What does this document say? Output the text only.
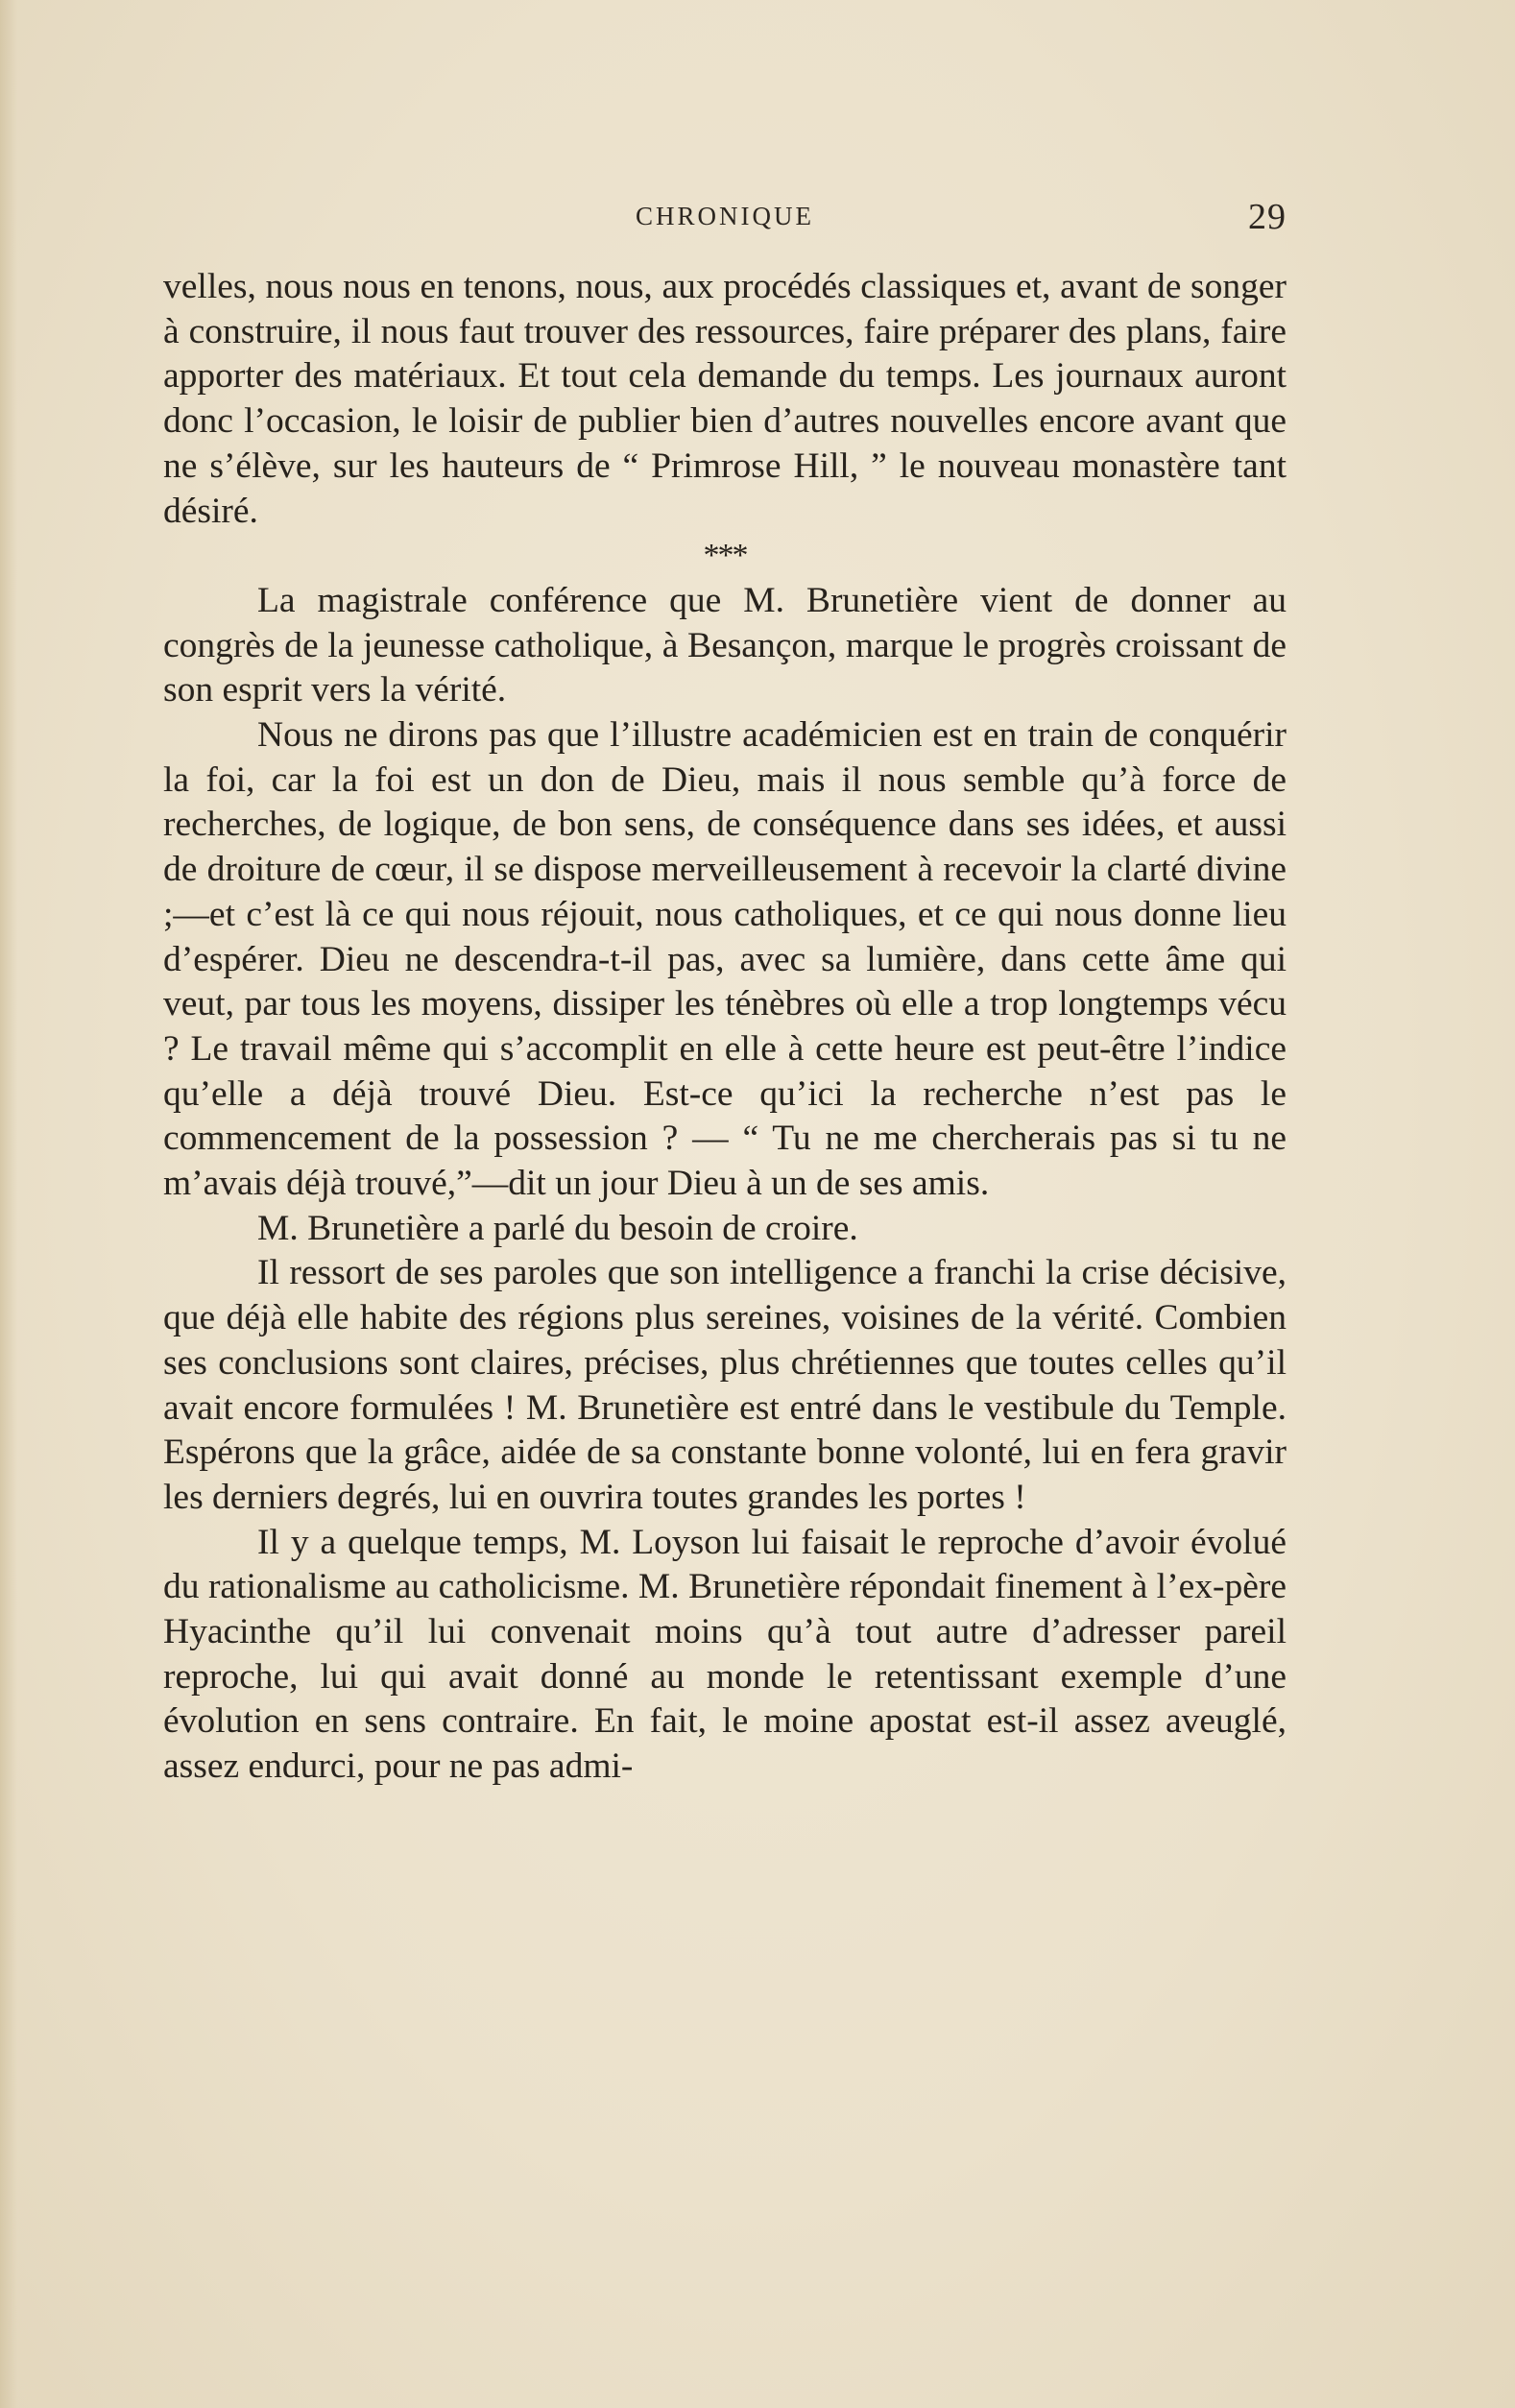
CHRONIQUE	29

velles, nous nous en tenons, nous, aux procédés classiques et, avant de songer à construire, il nous faut trouver des ressources, faire préparer des plans, faire apporter des matériaux. Et tout cela demande du temps. Les journaux auront donc l’occasion, le loisir de publier bien d’autres nouvelles encore avant que ne s’élève, sur les hauteurs de “ Primrose Hill, ” le nouveau monastère tant désiré.

***

La magistrale conférence que M. Brunetière vient de donner au congrès de la jeunesse catholique, à Besançon, marque le progrès croissant de son esprit vers la vérité.

Nous ne dirons pas que l’illustre académicien est en train de conquérir la foi, car la foi est un don de Dieu, mais il nous semble qu’à force de recherches, de logique, de bon sens, de conséquence dans ses idées, et aussi de droiture de cœur, il se dispose merveilleusement à recevoir la clarté divine ;—et c’est là ce qui nous réjouit, nous catholiques, et ce qui nous donne lieu d’espérer. Dieu ne descendra-t-il pas, avec sa lumière, dans cette âme qui veut, par tous les moyens, dissiper les ténèbres où elle a trop longtemps vécu ? Le travail même qui s’accomplit en elle à cette heure est peut-être l’indice qu’elle a déjà trouvé Dieu. Est-ce qu’ici la recherche n’est pas le commencement de la possession ? — “ Tu ne me chercherais pas si tu ne m’avais déjà trouvé,”—dit un jour Dieu à un de ses amis.

M. Brunetière a parlé du besoin de croire.

Il ressort de ses paroles que son intelligence a franchi la crise décisive, que déjà elle habite des régions plus sereines, voisines de la vérité. Combien ses conclusions sont claires, précises, plus chrétiennes que toutes celles qu’il avait encore formulées ! M. Brunetière est entré dans le vestibule du Temple. Espérons que la grâce, aidée de sa constante bonne volonté, lui en fera gravir les derniers degrés, lui en ouvrira toutes grandes les portes !

Il y a quelque temps, M. Loyson lui faisait le reproche d’avoir évolué du rationalisme au catholicisme. M. Brunetière répondait finement à l’ex-père Hyacinthe qu’il lui convenait moins qu’à tout autre d’adresser pareil reproche, lui qui avait donné au monde le retentissant exemple d’une évolution en sens contraire. En fait, le moine apostat est-il assez aveuglé, assez endurci, pour ne pas admi-
